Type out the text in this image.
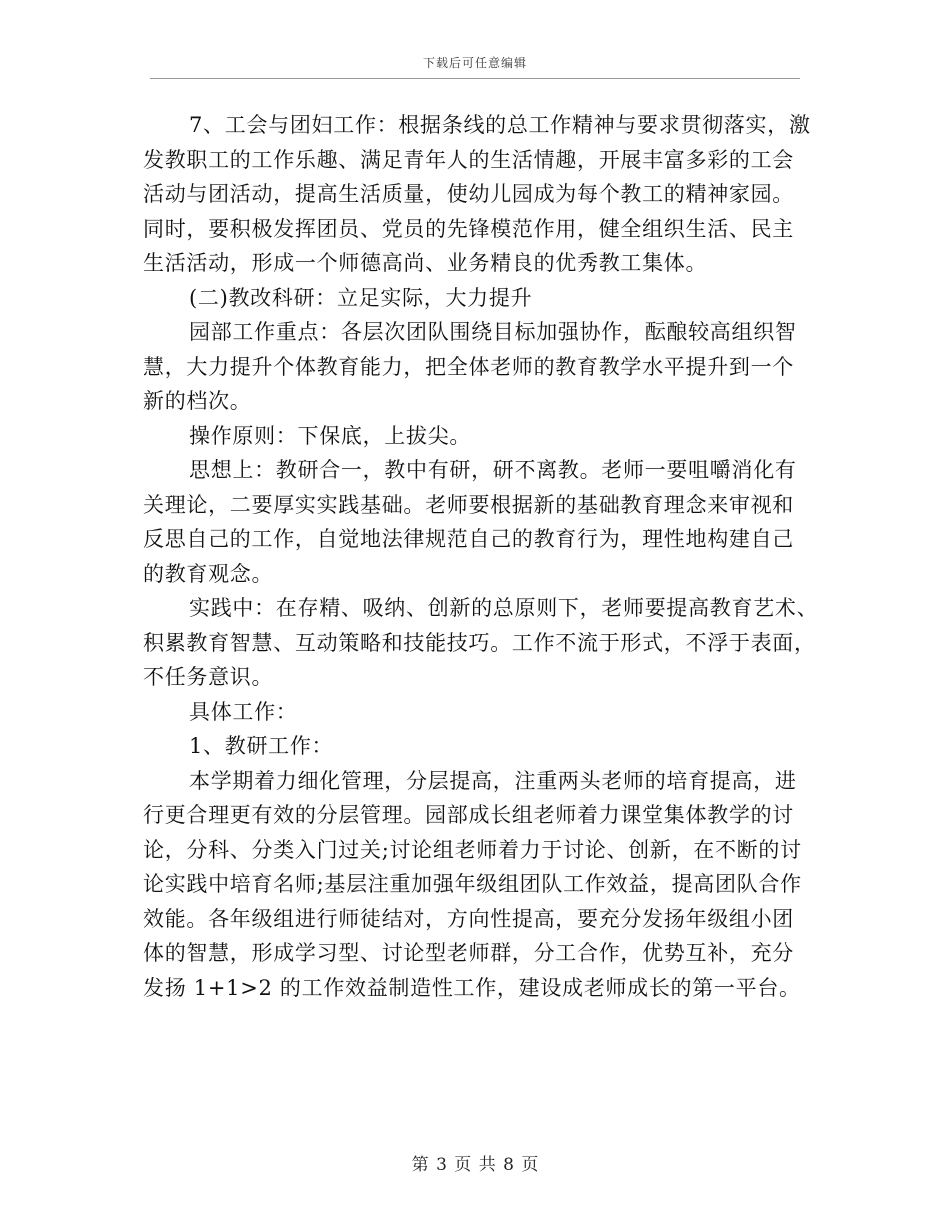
下载后可任意编辑

7、工会与团妇工作：根据条线的总工作精神与要求贯彻落实，激
发教职工的工作乐趣、满足青年人的生活情趣，开展丰富多彩的工会
活动与团活动，提高生活质量，使幼儿园成为每个教工的精神家园。
同时，要积极发挥团员、党员的先锋模范作用，健全组织生活、民主
生活活动，形成一个师德高尚、业务精良的优秀教工集体。

(二)教改科研：立足实际，大力提升

园部工作重点：各层次团队围绕目标加强协作，酝酿较高组织智
慧，大力提升个体教育能力，把全体老师的教育教学水平提升到一个
新的档次。

操作原则：下保底，上拔尖。

思想上：教研合一，教中有研，研不离教。老师一要咀嚼消化有
关理论，二要厚实实践基础。老师要根据新的基础教育理念来审视和
反思自己的工作，自觉地法律规范自己的教育行为，理性地构建自己
的教育观念。

实践中：在存精、吸纳、创新的总原则下，老师要提高教育艺术、
积累教育智慧、互动策略和技能技巧。工作不流于形式，不浮于表面，
不任务意识。

具体工作：

1、教研工作：

本学期着力细化管理，分层提高，注重两头老师的培育提高，进
行更合理更有效的分层管理。园部成长组老师着力课堂集体教学的讨
论，分科、分类入门过关;讨论组老师着力于讨论、创新，在不断的讨
论实践中培育名师;基层注重加强年级组团队工作效益，提高团队合作
效能。各年级组进行师徒结对，方向性提高，要充分发扬年级组小团
体的智慧，形成学习型、讨论型老师群，分工合作，优势互补，充分
发扬 1+1>2 的工作效益制造性工作，建设成老师成长的第一平台。

第 3 页 共 8 页
